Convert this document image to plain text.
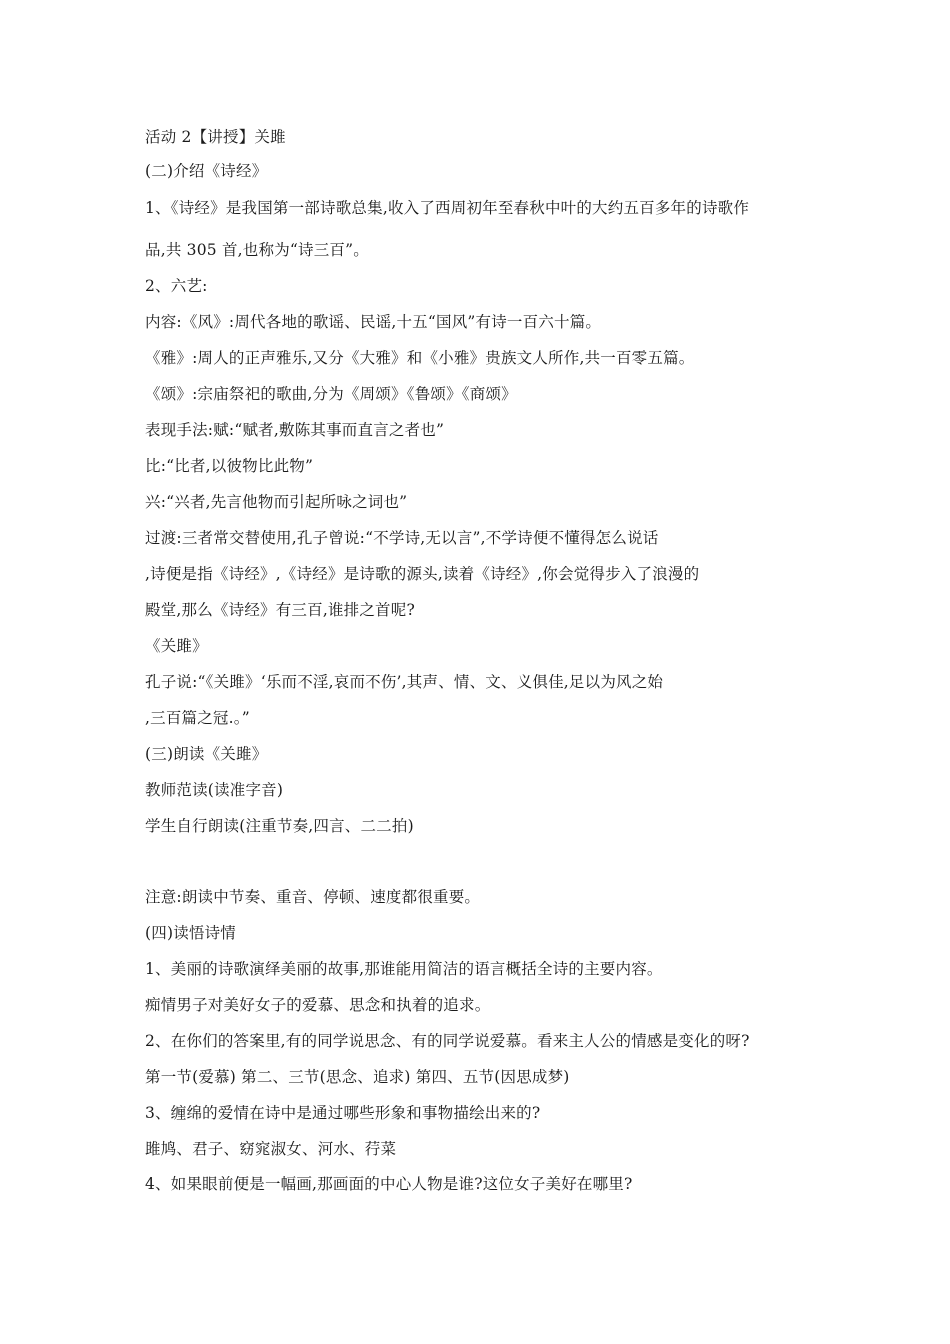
活动 2【讲授】关雎

(二)介绍《诗经》

1、《诗经》是我国第一部诗歌总集,收入了西周初年至春秋中叶的大约五百多年的诗歌作

品,共 305 首,也称为“诗三百”。

2、六艺:

内容:《风》:周代各地的歌谣、民谣,十五“国风”有诗一百六十篇。

《雅》:周人的正声雅乐,又分《大雅》和《小雅》贵族文人所作,共一百零五篇。

《颂》:宗庙祭祀的歌曲,分为《周颂》《鲁颂》《商颂》

表现手法:赋:“赋者,敷陈其事而直言之者也”

比:“比者,以彼物比此物”

兴:“兴者,先言他物而引起所咏之词也”

过渡:三者常交替使用,孔子曾说:“不学诗,无以言”,不学诗便不懂得怎么说话

,诗便是指《诗经》,《诗经》是诗歌的源头,读着《诗经》,你会觉得步入了浪漫的

殿堂,那么《诗经》有三百,谁排之首呢?

《关雎》

孔子说:“《关雎》‘乐而不淫,哀而不伤’,其声、情、文、义俱佳,足以为风之始

,三百篇之冠.。”

(三)朗读《关雎》

教师范读(读准字音)

学生自行朗读(注重节奏,四言、二二拍)

注意:朗读中节奏、重音、停顿、速度都很重要。

(四)读悟诗情

1、美丽的诗歌演绎美丽的故事,那谁能用简洁的语言概括全诗的主要内容。

痴情男子对美好女子的爱慕、思念和执着的追求。

2、在你们的答案里,有的同学说思念、有的同学说爱慕。看来主人公的情感是变化的呀?

第一节(爱慕) 第二、三节(思念、追求) 第四、五节(因思成梦)

3、缠绵的爱情在诗中是通过哪些形象和事物描绘出来的?

雎鸠、君子、窈窕淑女、河水、荇菜

4、如果眼前便是一幅画,那画面的中心人物是谁?这位女子美好在哪里?
